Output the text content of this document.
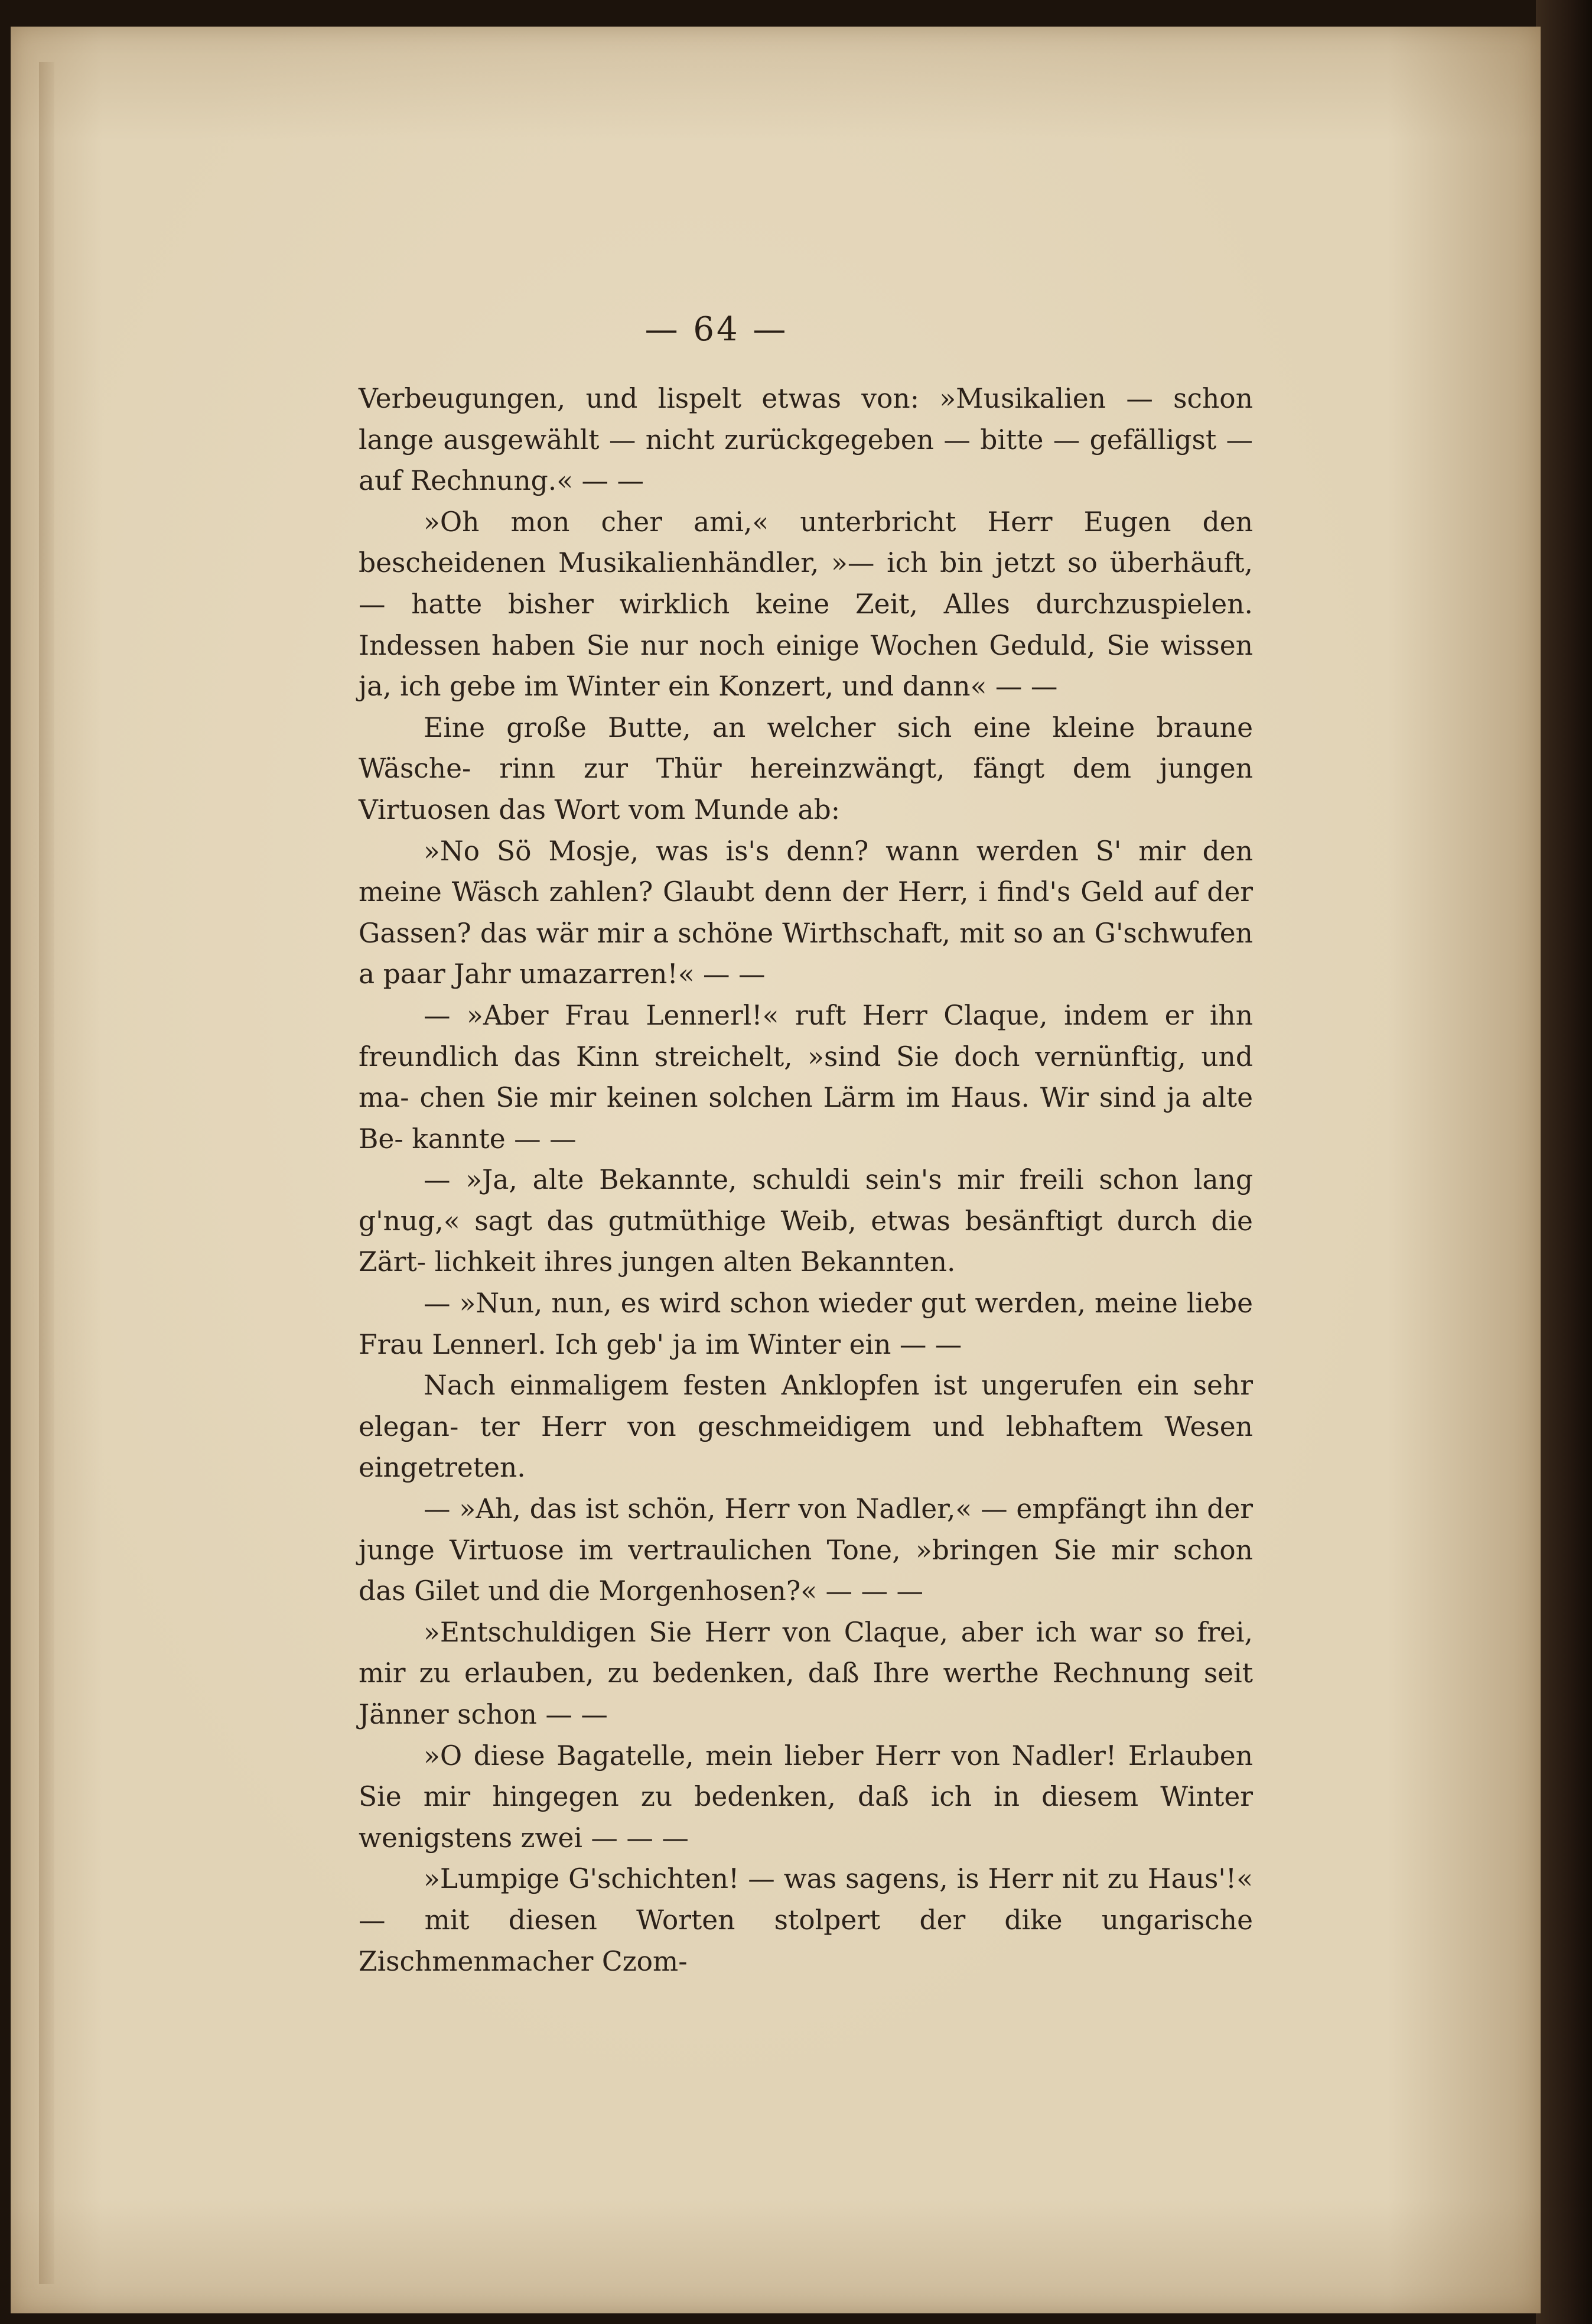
— 64 —

Verbeugungen, und lispelt etwas von: »Musikalien — schon lange ausgewählt — nicht zurückgegeben — bitte — gefälligst — auf Rechnung.« — —

»Oh mon cher ami,« unterbricht Herr Eugen den bescheidenen Musikalienhändler, »— ich bin jetzt so überhäuft, — hatte bisher wirklich keine Zeit, Alles durchzuspielen. Indessen haben Sie nur noch einige Wochen Geduld, Sie wissen ja, ich gebe im Winter ein Konzert, und dann« — —

Eine große Butte, an welcher sich eine kleine braune Wäsche- rinn zur Thür hereinzwängt, fängt dem jungen Virtuosen das Wort vom Munde ab:

»No Sö Mosje, was is's denn? wann werden S' mir den meine Wäsch zahlen? Glaubt denn der Herr, i find's Geld auf der Gassen? das wär mir a schöne Wirthschaft, mit so an G'schwufen a paar Jahr umazarren!« — —

— »Aber Frau Lennerl!« ruft Herr Claque, indem er ihn freundlich das Kinn streichelt, »sind Sie doch vernünftig, und ma- chen Sie mir keinen solchen Lärm im Haus. Wir sind ja alte Be- kannte — —

— »Ja, alte Bekannte, schuldi sein's mir freili schon lang g'nug,« sagt das gutmüthige Weib, etwas besänftigt durch die Zärt- lichkeit ihres jungen alten Bekannten.

— »Nun, nun, es wird schon wieder gut werden, meine liebe Frau Lennerl. Ich geb' ja im Winter ein — —

Nach einmaligem festen Anklopfen ist ungerufen ein sehr elegan- ter Herr von geschmeidigem und lebhaftem Wesen eingetreten.

— »Ah, das ist schön, Herr von Nadler,« — empfängt ihn der junge Virtuose im vertraulichen Tone, »bringen Sie mir schon das Gilet und die Morgenhosen?« — — —

»Entschuldigen Sie Herr von Claque, aber ich war so frei, mir zu erlauben, zu bedenken, daß Ihre werthe Rechnung seit Jänner schon — —

»O diese Bagatelle, mein lieber Herr von Nadler! Erlauben Sie mir hingegen zu bedenken, daß ich in diesem Winter wenigstens zwei — — —

»Lumpige G'schichten! — was sagens, is Herr nit zu Haus'!« — mit diesen Worten stolpert der dike ungarische Zischmenmacher Czom-
